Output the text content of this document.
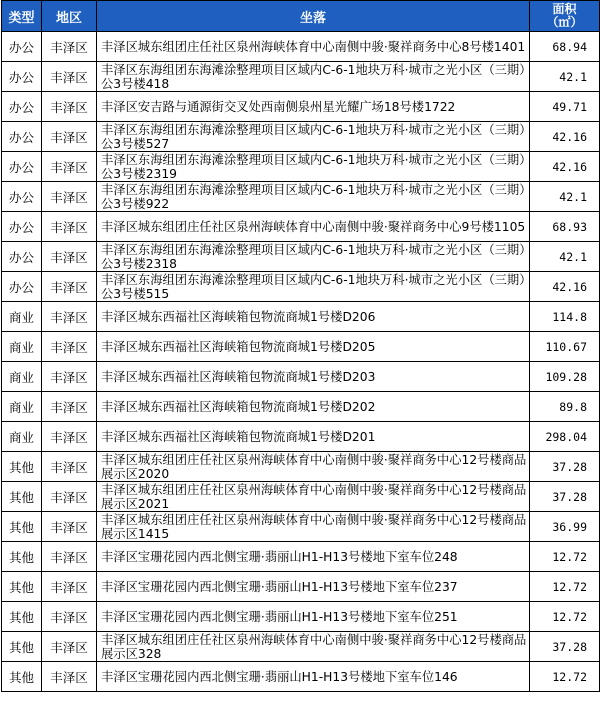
类型	地区	坐落	面积
（㎡）
办公	丰泽区	丰泽区城东组团庄任社区泉州海峡体育中心南侧中骏·聚祥商务中心8号楼1401	68.94
办公	丰泽区	丰泽区东海组团东海滩涂整理项目区域内C-6-1地块万科·城市之光小区（三期）公3号楼418	42.1
办公	丰泽区	丰泽区安吉路与通源街交叉处西南侧泉州星光耀广场18号楼1722	49.71
办公	丰泽区	丰泽区东海组团东海滩涂整理项目区域内C-6-1地块万科·城市之光小区（三期）公3号楼527	42.16
办公	丰泽区	丰泽区东海组团东海滩涂整理项目区域内C-6-1地块万科·城市之光小区（三期）公3号楼2319	42.16
办公	丰泽区	丰泽区东海组团东海滩涂整理项目区域内C-6-1地块万科·城市之光小区（三期）公3号楼922	42.1
办公	丰泽区	丰泽区城东组团庄任社区泉州海峡体育中心南侧中骏·聚祥商务中心9号楼1105	68.93
办公	丰泽区	丰泽区东海组团东海滩涂整理项目区域内C-6-1地块万科·城市之光小区（三期）公3号楼2318	42.1
办公	丰泽区	丰泽区东海组团东海滩涂整理项目区域内C-6-1地块万科·城市之光小区（三期）公3号楼515	42.16
商业	丰泽区	丰泽区城东西福社区海峡箱包物流商城1号楼D206	114.8
商业	丰泽区	丰泽区城东西福社区海峡箱包物流商城1号楼D205	110.67
商业	丰泽区	丰泽区城东西福社区海峡箱包物流商城1号楼D203	109.28
商业	丰泽区	丰泽区城东西福社区海峡箱包物流商城1号楼D202	89.8
商业	丰泽区	丰泽区城东西福社区海峡箱包物流商城1号楼D201	298.04
其他	丰泽区	丰泽区城东组团庄任社区泉州海峡体育中心南侧中骏·聚祥商务中心12号楼商品展示区2020	37.28
其他	丰泽区	丰泽区城东组团庄任社区泉州海峡体育中心南侧中骏·聚祥商务中心12号楼商品展示区2021	37.28
其他	丰泽区	丰泽区城东组团庄任社区泉州海峡体育中心南侧中骏·聚祥商务中心12号楼商品展示区1415	36.99
其他	丰泽区	丰泽区宝珊花园内西北侧宝珊·翡丽山H1-H13号楼地下室车位248	12.72
其他	丰泽区	丰泽区宝珊花园内西北侧宝珊·翡丽山H1-H13号楼地下室车位237	12.72
其他	丰泽区	丰泽区宝珊花园内西北侧宝珊·翡丽山H1-H13号楼地下室车位251	12.72
其他	丰泽区	丰泽区城东组团庄任社区泉州海峡体育中心南侧中骏·聚祥商务中心12号楼商品展示区328	37.28
其他	丰泽区	丰泽区宝珊花园内西北侧宝珊·翡丽山H1-H13号楼地下室车位146	12.72
